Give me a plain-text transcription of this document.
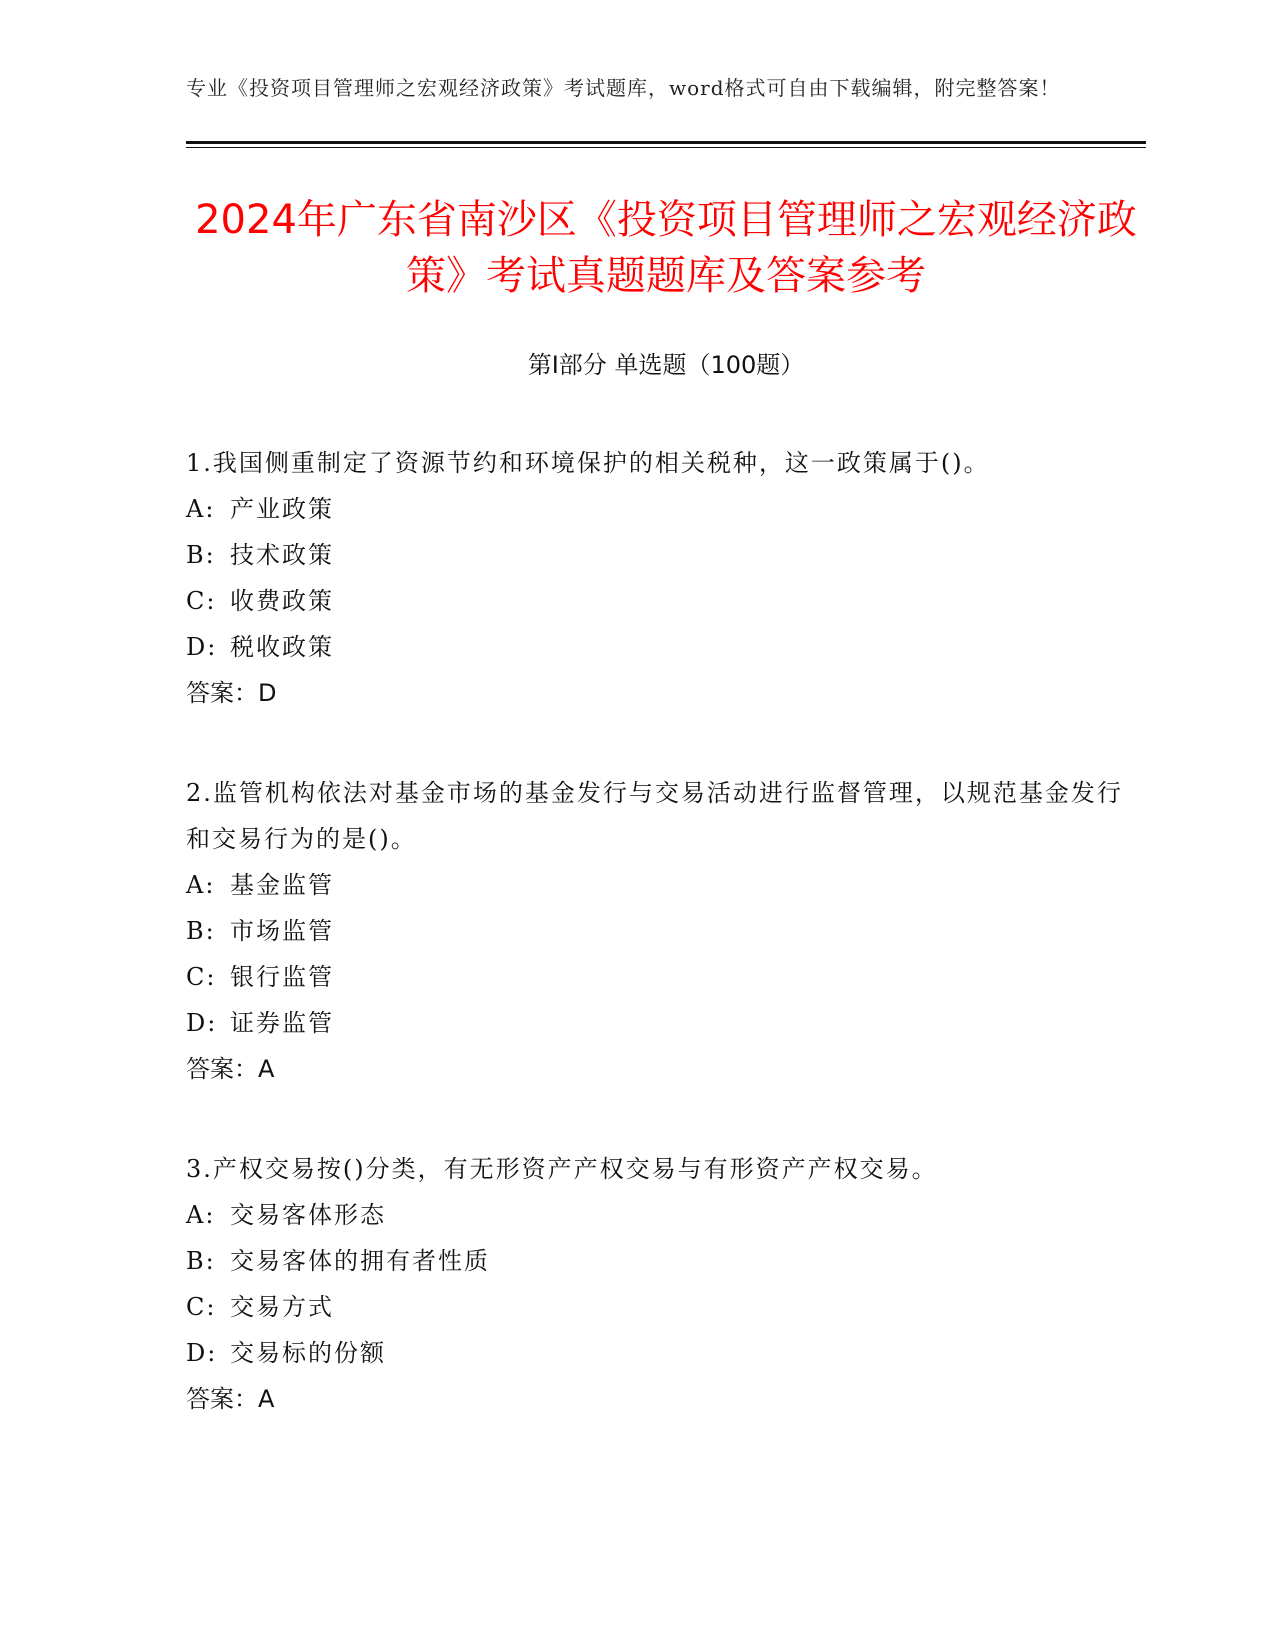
专业《投资项目管理师之宏观经济政策》考试题库，word格式可自由下载编辑，附完整答案！
2024年广东省南沙区《投资项目管理师之宏观经济政策》考试真题题库及答案参考
第I部分 单选题（100题）
1.我国侧重制定了资源节约和环境保护的相关税种，这一政策属于()。
A: 产业政策
B: 技术政策
C: 收费政策
D: 税收政策
答案：D
2.监管机构依法对基金市场的基金发行与交易活动进行监督管理，以规范基金发行和交易行为的是()。
A: 基金监管
B: 市场监管
C: 银行监管
D: 证券监管
答案：A
3.产权交易按()分类，有无形资产产权交易与有形资产产权交易。
A: 交易客体形态
B: 交易客体的拥有者性质
C: 交易方式
D: 交易标的份额
答案：A
